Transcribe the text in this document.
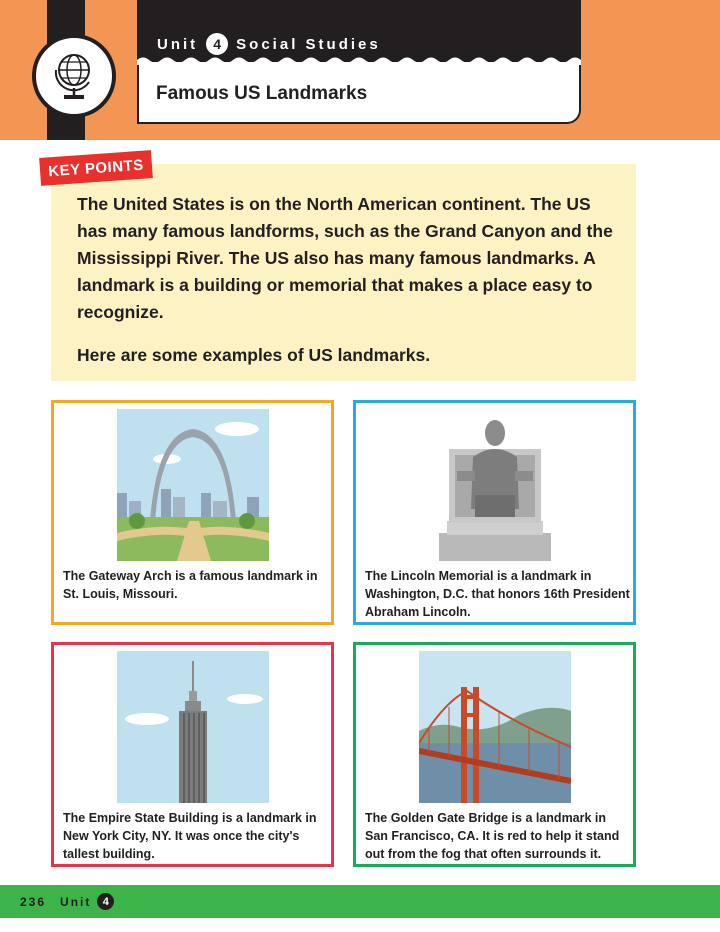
Unit	4	Social Studies
Famous US Landmarks
KEY POINTS
The United States is on the North American continent. The US has many famous landforms, such as the Grand Canyon and the Mississippi River. The US also has many famous landmarks. A landmark is a building or memorial that makes a place easy to recognize.
Here are some examples of US landmarks.
The Gateway Arch is a famous landmark in St. Louis, Missouri.
The Lincoln Memorial is a landmark in Washington, D.C. that honors 16th President Abraham Lincoln.
The Empire State Building is a landmark in New York City, NY. It was once the city's tallest building.
The Golden Gate Bridge is a landmark in San Francisco, CA. It is red to help it stand out from the fog that often surrounds it.
236 Unit	4
